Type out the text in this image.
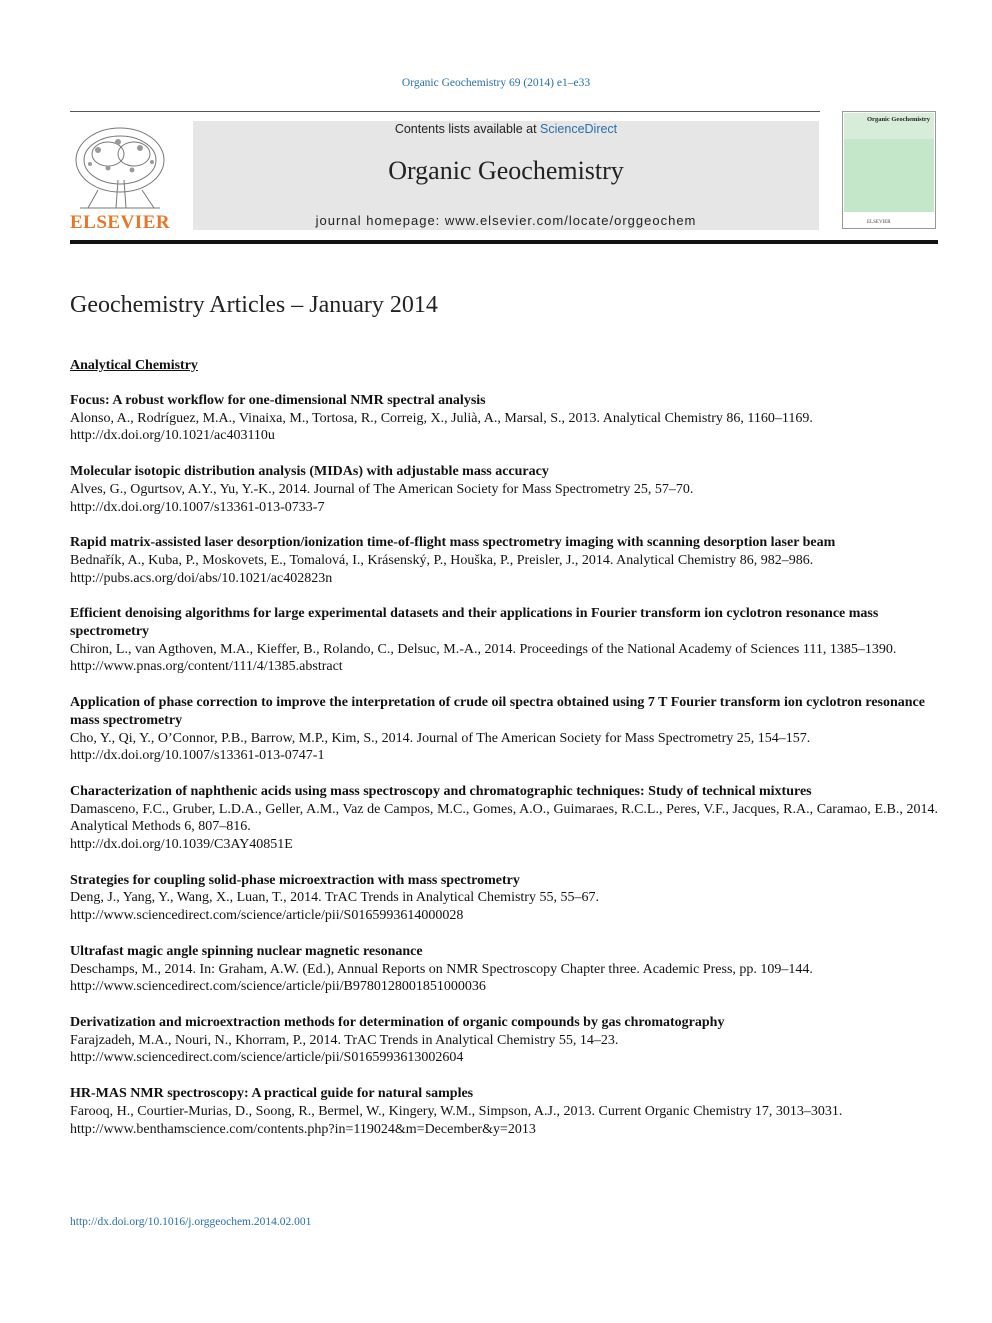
Organic Geochemistry 69 (2014) e1–e33
ELSEVIER
Contents lists available at ScienceDirect
Organic Geochemistry
journal homepage: www.elsevier.com/locate/orggeochem
Organic Geochemistry
ELSEVIER
Geochemistry Articles – January 2014
Analytical Chemistry
Focus: A robust workflow for one-dimensional NMR spectral analysis
Alonso, A., Rodríguez, M.A., Vinaixa, M., Tortosa, R., Correig, X., Julià, A., Marsal, S., 2013. Analytical Chemistry 86, 1160–1169.
http://dx.doi.org/10.1021/ac403110u
Molecular isotopic distribution analysis (MIDAs) with adjustable mass accuracy
Alves, G., Ogurtsov, A.Y., Yu, Y.-K., 2014. Journal of The American Society for Mass Spectrometry 25, 57–70.
http://dx.doi.org/10.1007/s13361-013-0733-7
Rapid matrix-assisted laser desorption/ionization time-of-flight mass spectrometry imaging with scanning desorption laser beam
Bednařík, A., Kuba, P., Moskovets, E., Tomalová, I., Krásenský, P., Houška, P., Preisler, J., 2014. Analytical Chemistry 86, 982–986.
http://pubs.acs.org/doi/abs/10.1021/ac402823n
Efficient denoising algorithms for large experimental datasets and their applications in Fourier transform ion cyclotron resonance mass spectrometry
Chiron, L., van Agthoven, M.A., Kieffer, B., Rolando, C., Delsuc, M.-A., 2014. Proceedings of the National Academy of Sciences 111, 1385–1390.
http://www.pnas.org/content/111/4/1385.abstract
Application of phase correction to improve the interpretation of crude oil spectra obtained using 7 T Fourier transform ion cyclotron resonance mass spectrometry
Cho, Y., Qi, Y., O’Connor, P.B., Barrow, M.P., Kim, S., 2014. Journal of The American Society for Mass Spectrometry 25, 154–157.
http://dx.doi.org/10.1007/s13361-013-0747-1
Characterization of naphthenic acids using mass spectroscopy and chromatographic techniques: Study of technical mixtures
Damasceno, F.C., Gruber, L.D.A., Geller, A.M., Vaz de Campos, M.C., Gomes, A.O., Guimaraes, R.C.L., Peres, V.F., Jacques, R.A., Caramao, E.B., 2014. Analytical Methods 6, 807–816.
http://dx.doi.org/10.1039/C3AY40851E
Strategies for coupling solid-phase microextraction with mass spectrometry
Deng, J., Yang, Y., Wang, X., Luan, T., 2014. TrAC Trends in Analytical Chemistry 55, 55–67.
http://www.sciencedirect.com/science/article/pii/S0165993614000028
Ultrafast magic angle spinning nuclear magnetic resonance
Deschamps, M., 2014. In: Graham, A.W. (Ed.), Annual Reports on NMR Spectroscopy Chapter three. Academic Press, pp. 109–144.
http://www.sciencedirect.com/science/article/pii/B9780128001851000036
Derivatization and microextraction methods for determination of organic compounds by gas chromatography
Farajzadeh, M.A., Nouri, N., Khorram, P., 2014. TrAC Trends in Analytical Chemistry 55, 14–23.
http://www.sciencedirect.com/science/article/pii/S0165993613002604
HR-MAS NMR spectroscopy: A practical guide for natural samples
Farooq, H., Courtier-Murias, D., Soong, R., Bermel, W., Kingery, W.M., Simpson, A.J., 2013. Current Organic Chemistry 17, 3013–3031.
http://www.benthamscience.com/contents.php?in=119024&m=December&y=2013
http://dx.doi.org/10.1016/j.orggeochem.2014.02.001
